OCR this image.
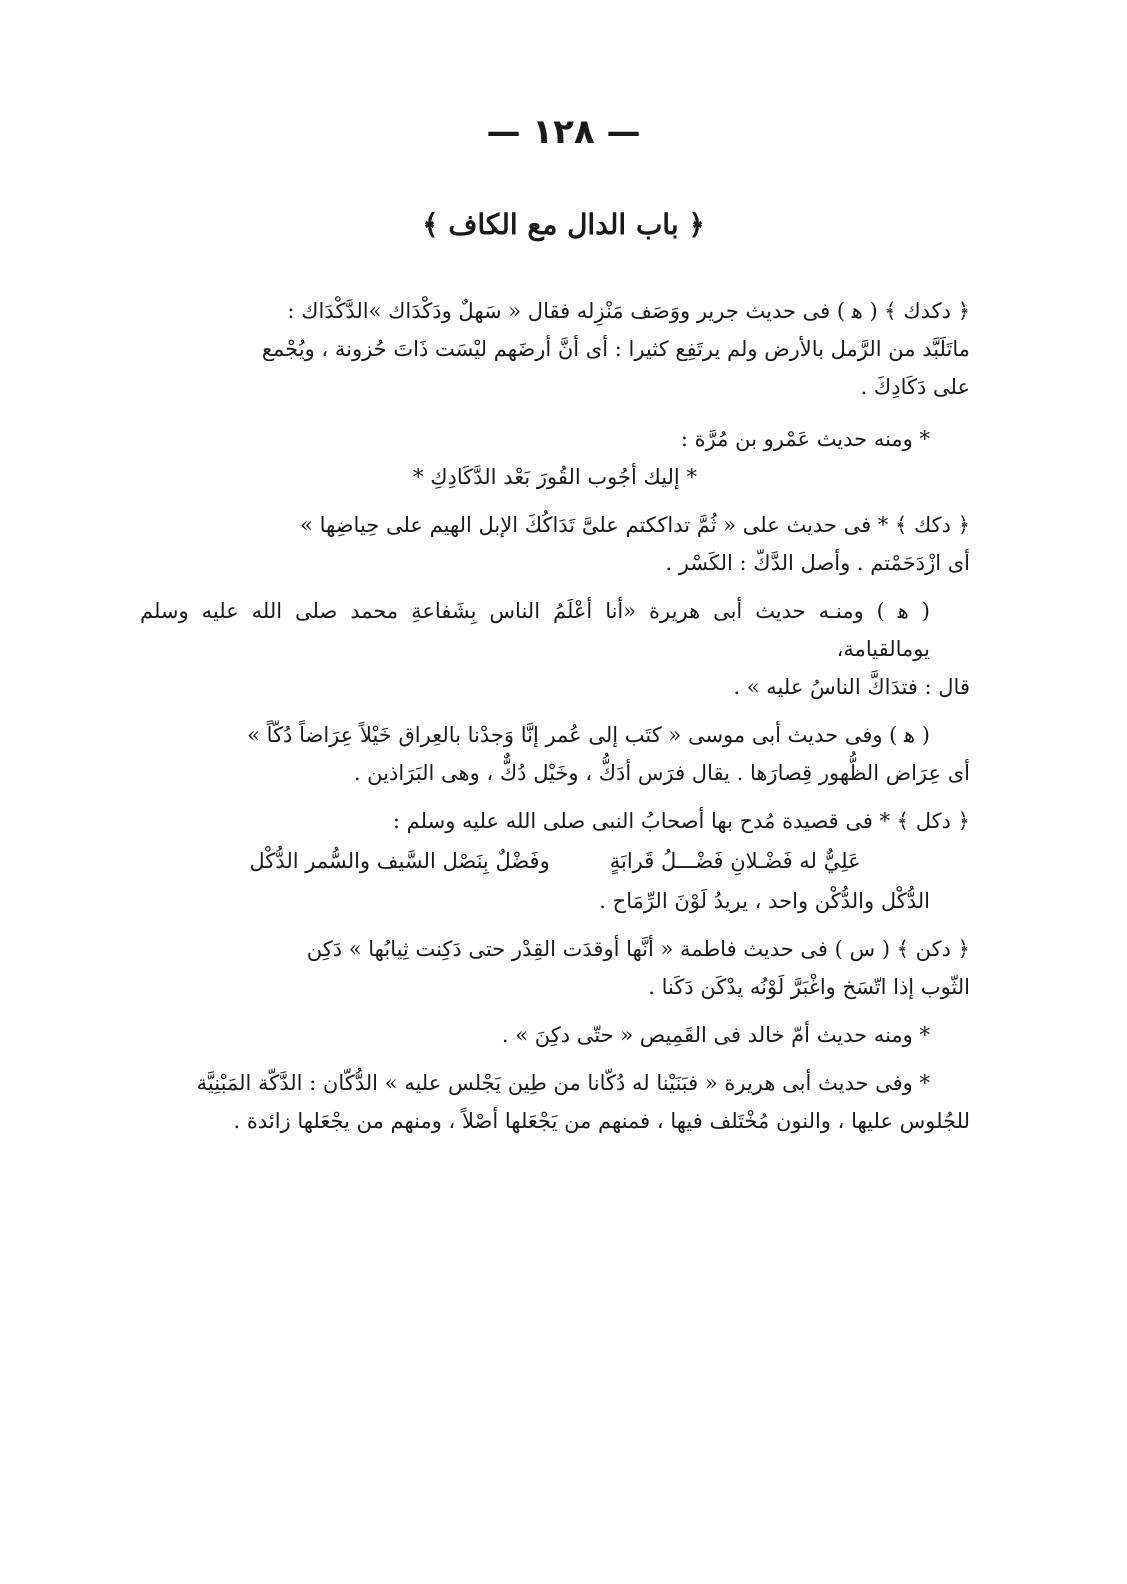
— ١٢٨ —
﴿ باب الدال مع الكاف ﴾

﴿ دكدك ﴾ ( ﻫ ) فى حديث جرير ووَصَف مَنْزِله فقال « سَهلٌ ودَكْدَاك »الدَّكْدَاك :

ماتَلَبَّد من الرَّمل بالأرض ولم يرتَفِع كثيرا : أى أنَّ أرضَهم ليْسَت ذَاتَ حُزونة ، ويُجْمع

على دَكَادِكَ .

* ومنه حديث عَمْرو بن مُرَّة :

* إليك أجُوب القُورَ بَعْد الدَّكَادِكِ *

﴿ دكك ﴾ * فى حديث على « ثُمَّ تداككتم علىَّ تَدَاكُكَ الإبل الهيم على حِياضِها »

أى ازْدَحَمْتم . وأصل الدَّكّ : الكَسْر .

( ﻫ ) ومنـه حديث أبى هريرة «أنا أعْلَمُ الناس بِشَفاعةِ محمد صلى الله عليه وسلم يومالقيامة،

قال : فتدَاكَّ الناسُ عليه » .

( ﻫ ) وفى حديث أبى موسى « كتَب إلى عُمر إنَّا وَجدْنا بالعِراق خَيْلاً عِرَاضاً دُكّاً »

أى عِرَاض الظُّهور قِصارَها . يقال فرَس أدَكُّ ، وخَيْل دُكٌّ ، وهى البَرَاذين .

﴿ دكل ﴾ * فى قصيدة مُدح بها أصحابُ النبى صلى الله عليه وسلم :

عَلِيٌّ له فَضْـلانِ فَضْـــلُ قَرابَةٍ
وفَضْلٌ بِنَصْل السَّيف والسُّمر الدُّكْل

الدُّكْل والدُّكْن واحد ، يريدُ لَوْنَ الرِّمَاح .

﴿ دكن ﴾ ( س ) فى حديث فاطمة « أنَّها أوقدَت القِدْر حتى دَكِنت ثِيابُها » دَكِن

الثّوب إذا اتّسَخ واغْبَرَّ لَوْنُه يدْكَن دَكَنا .

* ومنه حديث أمّ خالد فى القَمِيص « حتّى دكِنَ » .

* وفى حديث أبى هريرة « فبَنَيْنا له دُكّانا من طِين يَجْلس عليه » الدُّكّان : الدَّكّة المَبْنِيَّة

للجُلوس عليها ، والنون مُخْتَلف فيها ، فمنهم من يَجْعَلها أصْلاً ، ومنهم من يجْعَلها زائدة .
